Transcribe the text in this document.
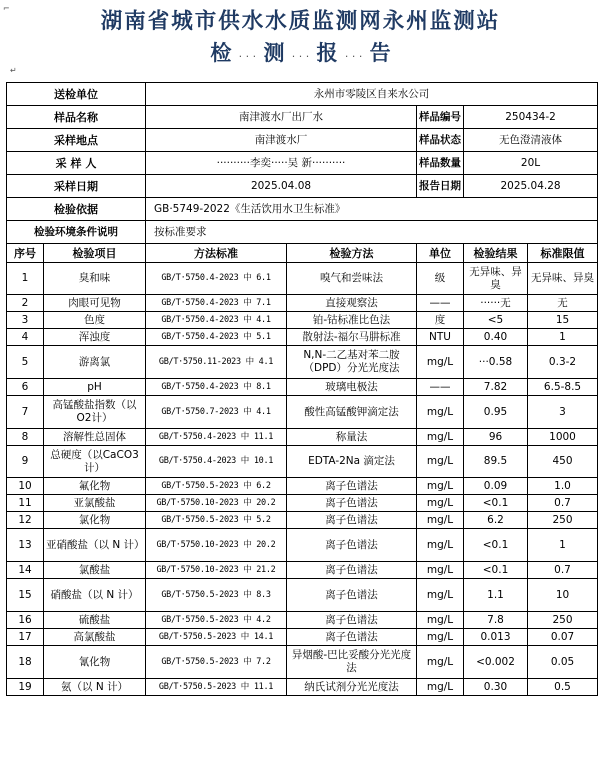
湖南省城市供水水质监测网永州监测站
检 · · · 测 · · · 报 · · · 告
⌐
↵
送检单位		永州市零陵区自来水公司				
样品名称		南津渡水厂出厂水		样品编号	250434-2	
采样地点		南津渡水厂		样品状态	无色澄清液体	
采 样 人		··········李奕·····吴 新··········		样品数量	20L	
采样日期		2025.04.08		报告日期	2025.04.28	
检验依据		GB·5749-2022《生活饮用水卫生标准》				
检验环境条件说明		按标准要求				
序号	检验项目	方法标准	检验方法	单位	检验结果	标准限值
1	臭和味	GB/T·5750.4-2023 中 6.1	嗅气和尝味法	级	无异味、异臭	无异味、异臭
2	肉眼可见物	GB/T·5750.4-2023 中 7.1	直接观察法	——	······无	无
3	色度	GB/T·5750.4-2023 中 4.1	铂-钴标准比色法	度	<5	15
4	浑浊度	GB/T·5750.4-2023 中 5.1	散射法-福尔马肼标准	NTU	0.40	1
5	游离氯	GB/T·5750.11-2023 中 4.1	N,N-二乙基对苯二胺（DPD）分光光度法	mg/L	···0.58	0.3-2
6	pH	GB/T·5750.4-2023 中 8.1	玻璃电极法	——	7.82	6.5-8.5
7	高锰酸盐指数（以 O2计）	GB/T·5750.7-2023 中 4.1	酸性高锰酸钾滴定法	mg/L	0.95	3
8	溶解性总固体	GB/T·5750.4-2023 中 11.1	称量法	mg/L	96	1000
9	总硬度（以CaCO3计）	GB/T·5750.4-2023 中 10.1	EDTA-2Na 滴定法	mg/L	89.5	450
10	氟化物	GB/T·5750.5-2023 中 6.2	离子色谱法	mg/L	0.09	1.0
11	亚氯酸盐	GB/T·5750.10-2023 中 20.2	离子色谱法	mg/L	<0.1	0.7
12	氯化物	GB/T·5750.5-2023 中 5.2	离子色谱法	mg/L	6.2	250
13	亚硝酸盐（以 N 计）	GB/T·5750.10-2023 中 20.2	离子色谱法	mg/L	<0.1	1
14	氯酸盐	GB/T·5750.10-2023 中 21.2	离子色谱法	mg/L	<0.1	0.7
15	硝酸盐（以 N 计）	GB/T·5750.5-2023 中 8.3	离子色谱法	mg/L	1.1	10
16	硫酸盐	GB/T·5750.5-2023 中 4.2	离子色谱法	mg/L	7.8	250
17	高氯酸盐	GB/T·5750.5-2023 中 14.1	离子色谱法	mg/L	0.013	0.07
18	氰化物	GB/T·5750.5-2023 中 7.2	异烟酸-巴比妥酸分光光度法	mg/L	<0.002	0.05
19	氨（以 N 计）	GB/T·5750.5-2023 中 11.1	纳氏试剂分光光度法	mg/L	0.30	0.5
